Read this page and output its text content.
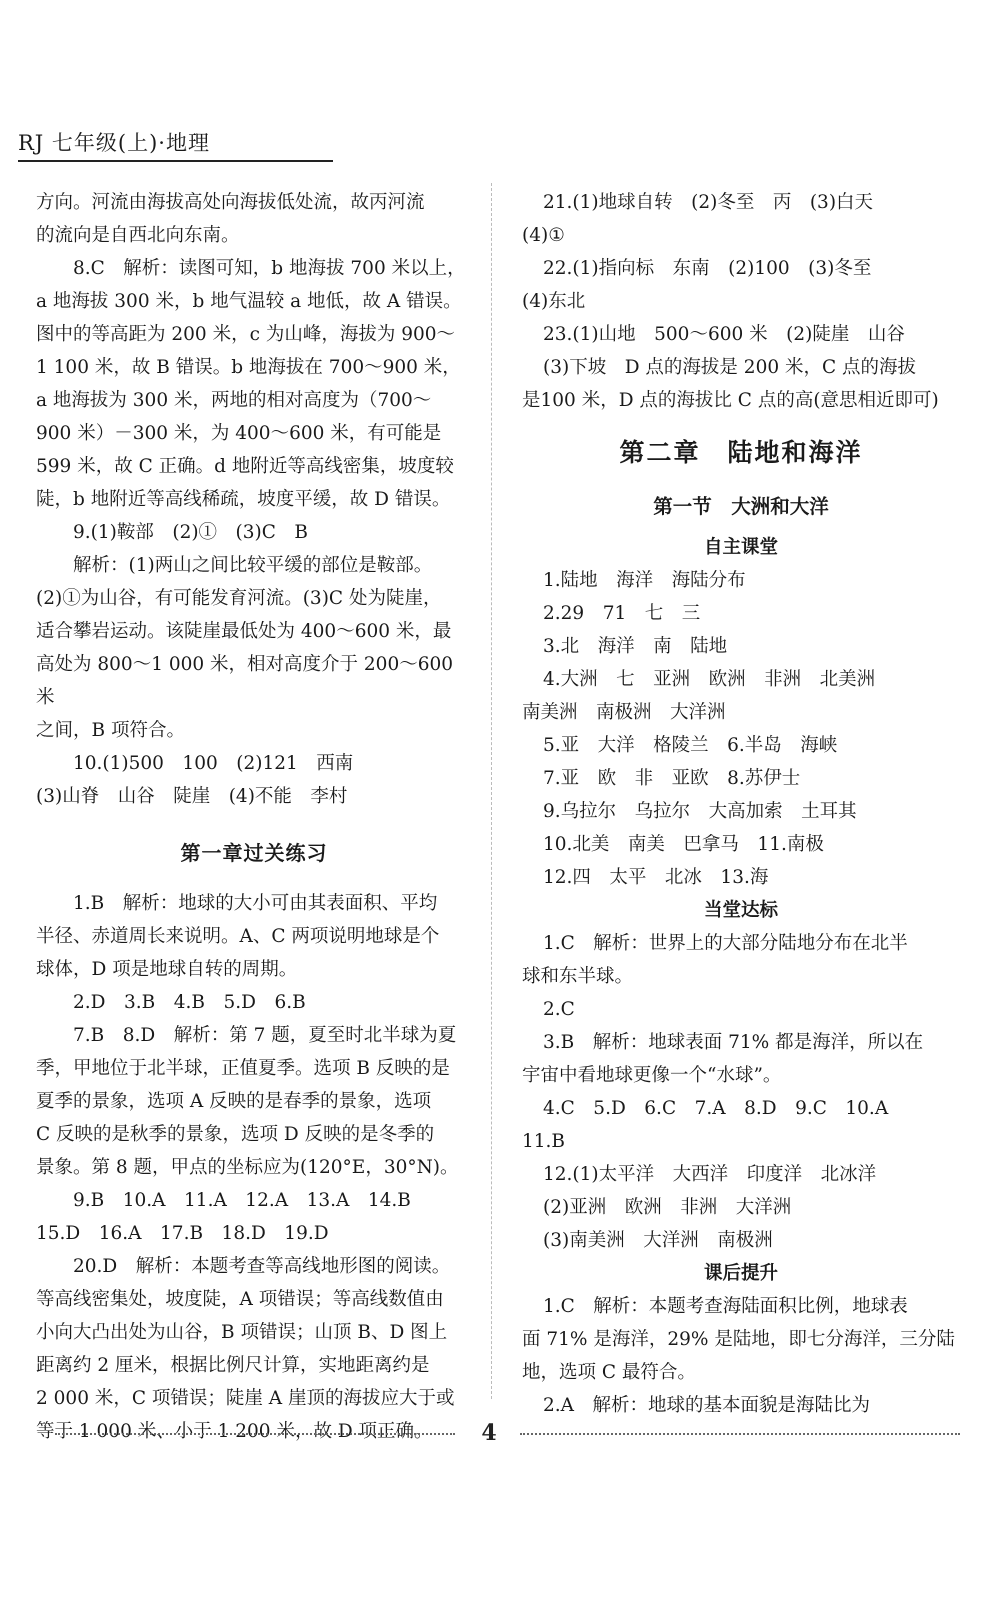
RJ 七年级(上)·地理

方向。河流由海拔高处向海拔低处流，故丙河流

的流向是自西北向东南。

8.C　解析：读图可知，b 地海拔 700 米以上，

a 地海拔 300 米，b 地气温较 a 地低，故 A 错误。

图中的等高距为 200 米，c 为山峰，海拔为 900～

1 100 米，故 B 错误。b 地海拔在 700～900 米，

a 地海拔为 300 米，两地的相对高度为（700～

900 米）－300 米，为 400～600 米，有可能是

599 米，故 C 正确。d 地附近等高线密集，坡度较

陡，b 地附近等高线稀疏，坡度平缓，故 D 错误。

9.(1)鞍部　(2)①　(3)C　B

解析：(1)两山之间比较平缓的部位是鞍部。

(2)①为山谷，有可能发育河流。(3)C 处为陡崖，

适合攀岩运动。该陡崖最低处为 400～600 米，最

高处为 800～1 000 米，相对高度介于 200～600 米

之间，B 项符合。

10.(1)500　100　(2)121　西南

(3)山脊　山谷　陡崖　(4)不能　李村

第一章过关练习

1.B　解析：地球的大小可由其表面积、平均

半径、赤道周长来说明。A、C 两项说明地球是个

球体，D 项是地球自转的周期。

2.D　3.B　4.B　5.D　6.B

7.B　8.D　解析：第 7 题，夏至时北半球为夏

季，甲地位于北半球，正值夏季。选项 B 反映的是

夏季的景象，选项 A 反映的是春季的景象，选项

C 反映的是秋季的景象，选项 D 反映的是冬季的

景象。第 8 题，甲点的坐标应为(120°E，30°N)。

9.B　10.A　11.A　12.A　13.A　14.B

15.D　16.A　17.B　18.D　19.D

20.D　解析：本题考查等高线地形图的阅读。

等高线密集处，坡度陡，A 项错误；等高线数值由

小向大凸出处为山谷，B 项错误；山顶 B、D 图上

距离约 2 厘米，根据比例尺计算，实地距离约是

2 000 米，C 项错误；陡崖 A 崖顶的海拔应大于或

等于 1 000 米、小于 1 200 米，故 D 项正确。

21.(1)地球自转　(2)冬至　丙　(3)白天

(4)①

22.(1)指向标　东南　(2)100　(3)冬至

(4)东北

23.(1)山地　500～600 米　(2)陡崖　山谷

(3)下坡　D 点的海拔是 200 米，C 点的海拔

是100 米，D 点的海拔比 C 点的高(意思相近即可)

第二章　陆地和海洋
第一节　大洲和大洋
自主课堂

1.陆地　海洋　海陆分布

2.29　71　七　三

3.北　海洋　南　陆地

4.大洲　七　亚洲　欧洲　非洲　北美洲

南美洲　南极洲　大洋洲

5.亚　大洋　格陵兰　6.半岛　海峡

7.亚　欧　非　亚欧　8.苏伊士

9.乌拉尔　乌拉尔　大高加索　土耳其

10.北美　南美　巴拿马　11.南极

12.四　太平　北冰　13.海

当堂达标

1.C　解析：世界上的大部分陆地分布在北半

球和东半球。

2.C

3.B　解析：地球表面 71% 都是海洋，所以在

宇宙中看地球更像一个“水球”。

4.C　5.D　6.C　7.A　8.D　9.C　10.A

11.B

12.(1)太平洋　大西洋　印度洋　北冰洋

(2)亚洲　欧洲　非洲　大洋洲

(3)南美洲　大洋洲　南极洲

课后提升

1.C　解析：本题考查海陆面积比例，地球表

面 71% 是海洋，29% 是陆地，即七分海洋，三分陆

地，选项 C 最符合。

2.A　解析：地球的基本面貌是海陆比为

4
